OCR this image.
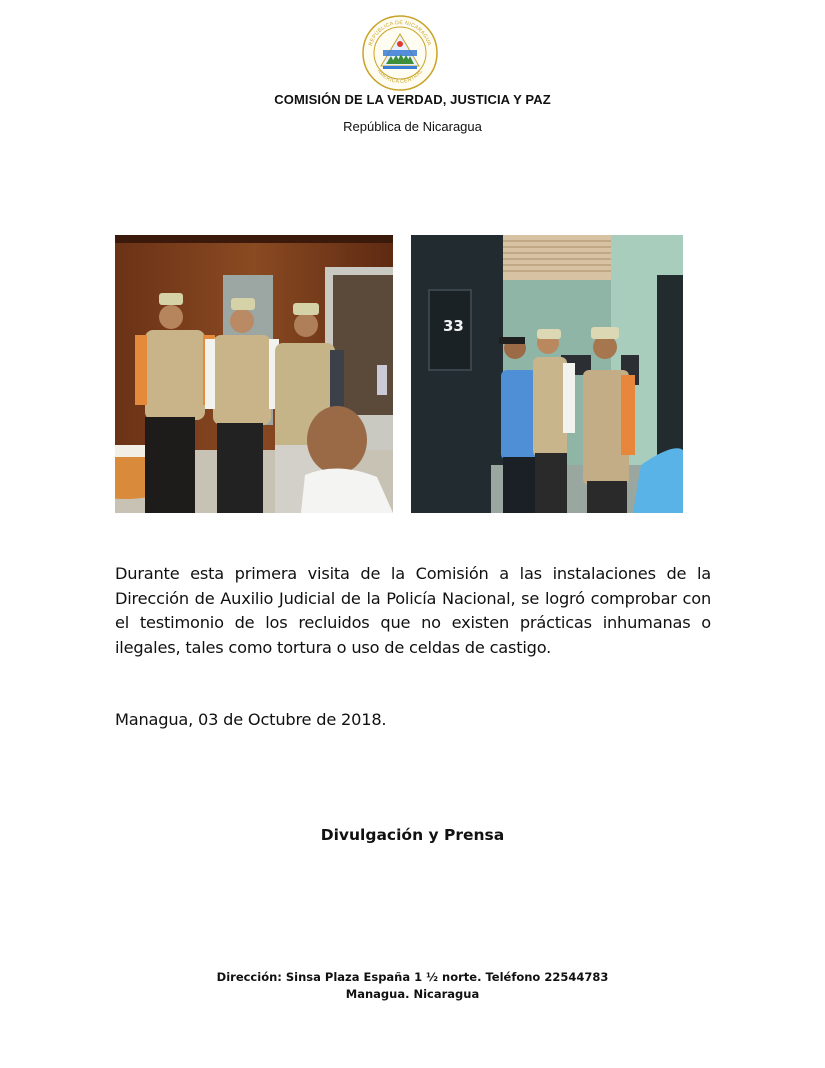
REPÚBLICA DE NICARAGUA
AMÉRICA CENTRAL
COMISIÓN DE LA VERDAD, JUSTICIA Y PAZ
República de Nicaragua
33
Durante esta primera visita de la Comisión a las instalaciones de la Dirección de Auxilio Judicial de la Policía Nacional, se logró comprobar con el testimonio de los recluidos que no existen prácticas inhumanas o ilegales, tales como tortura o uso de celdas de castigo.
Managua, 03 de Octubre de 2018.
Divulgación y Prensa
Dirección: Sinsa Plaza España 1 ½ norte. Teléfono 22544783
Managua. Nicaragua
